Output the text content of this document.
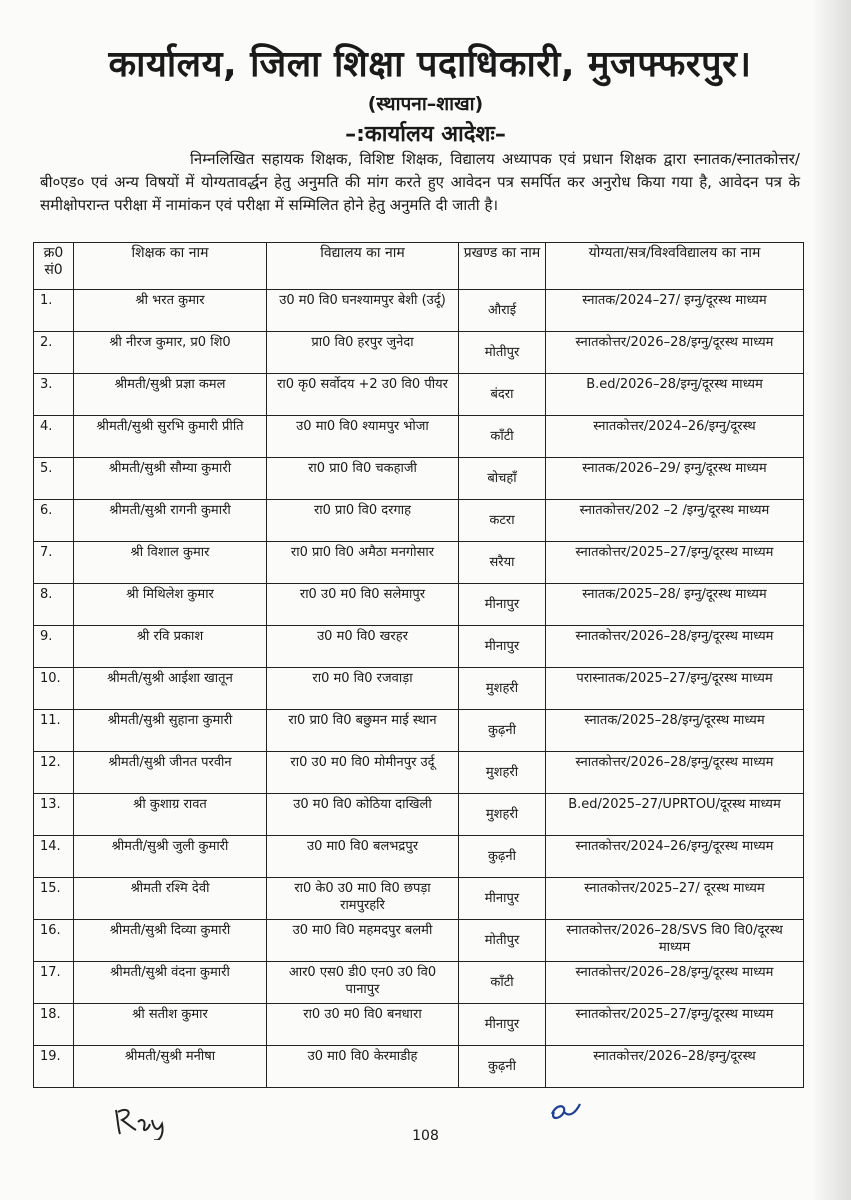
कार्यालय, जिला शिक्षा पदाधिकारी, मुजफ्फरपुर।
(स्थापना–शाखा)
–:कार्यालय आदेशः–
निम्नलिखित सहायक शिक्षक, विशिष्ट शिक्षक, विद्यालय अध्यापक एवं प्रधान शिक्षक द्वारा स्नातक/स्नातकोत्तर/ बी०एड० एवं अन्य विषयों में योग्यतावर्द्धन हेतु अनुमति की मांग करते हुए आवेदन पत्र समर्पित कर अनुरोध किया गया है, आवेदन पत्र के समीक्षोपरान्त परीक्षा में नामांकन एवं परीक्षा में सम्मिलित होने हेतु अनुमति दी जाती है।
क्र0 सं0	शिक्षक का नाम	विद्यालय का नाम	प्रखण्ड का नाम	योग्यता/सत्र/विश्वविद्यालय का नाम
1.	श्री भरत कुमार	उ0 म0 वि0 घनश्यामपुर बेशी (उर्दू)	औराई	स्नातक/2024–27/ इग्नु/दूरस्थ माध्यम
2.	श्री नीरज कुमार, प्र0 शि0	प्रा0 वि0 हरपुर जुनेदा	मोतीपुर	स्नातकोत्तर/2026–28/इग्नु/दूरस्थ माध्यम
3.	श्रीमती/सुश्री प्रज्ञा कमल	रा0 कृ0 सर्वोदय +2 उ0 वि0 पीयर	बंदरा	B.ed/2026–28/इग्नु/दूरस्थ माध्यम
4.	श्रीमती/सुश्री सुरभि कुमारी प्रीति	उ0 मा0 वि0 श्यामपुर भोजा	काँटी	स्नातकोत्तर/2024–26/इग्नु/दूरस्थ
5.	श्रीमती/सुश्री सौम्या कुमारी	रा0 प्रा0 वि0 चकहाजी	बोचहाँ	स्नातक/2026–29/ इग्नु/दूरस्थ माध्यम
6.	श्रीमती/सुश्री रागनी कुमारी	रा0 प्रा0 वि0 दरगाह	कटरा	स्नातकोत्तर/202 –2 /इग्नु/दूरस्थ माध्यम
7.	श्री विशाल कुमार	रा0 प्रा0 वि0 अमैठा मनगोसार	सरैया	स्नातकोत्तर/2025–27/इग्नु/दूरस्थ माध्यम
8.	श्री मिथिलेश कुमार	रा0 उ0 म0 वि0 सलेमापुर	मीनापुर	स्नातक/2025–28/ इग्नु/दूरस्थ माध्यम
9.	श्री रवि प्रकाश	उ0 म0 वि0 खरहर	मीनापुर	स्नातकोत्तर/2026–28/इग्नु/दूरस्थ माध्यम
10.	श्रीमती/सुश्री आईशा खातून	रा0 म0 वि0 रजवाड़ा	मुशहरी	परास्नातक/2025–27/इग्नु/दूरस्थ माध्यम
11.	श्रीमती/सुश्री सुहाना कुमारी	रा0 प्रा0 वि0 बछुमन माई स्थान	कुढ़नी	स्नातक/2025–28/इग्नु/दूरस्थ माध्यम
12.	श्रीमती/सुश्री जीनत परवीन	रा0 उ0 म0 वि0 मोमीनपुर उर्दू	मुशहरी	स्नातकोत्तर/2026–28/इग्नु/दूरस्थ माध्यम
13.	श्री कुशाग्र रावत	उ0 म0 वि0 कोठिया दाखिली	मुशहरी	B.ed/2025–27/UPRTOU/दूरस्थ माध्यम
14.	श्रीमती/सुश्री जुली कुमारी	उ0 मा0 वि0 बलभद्रपुर	कुढ़नी	स्नातकोत्तर/2024–26/इग्नु/दूरस्थ माध्यम
15.	श्रीमती रश्मि देवी	रा0 के0 उ0 मा0 वि0 छपड़ा रामपुरहरि	मीनापुर	स्नातकोत्तर/2025–27/ दूरस्थ माध्यम
16.	श्रीमती/सुश्री दिव्या कुमारी	उ0 मा0 वि0 महमदपुर बलमी	मोतीपुर	स्नातकोत्तर/2026–28/SVS वि0 वि0/दूरस्थ माध्यम
17.	श्रीमती/सुश्री वंदना कुमारी	आर0 एस0 डी0 एन0 उ0 वि0 पानापुर	काँटी	स्नातकोत्तर/2026–28/इग्नु/दूरस्थ माध्यम
18.	श्री सतीश कुमार	रा0 उ0 म0 वि0 बनधारा	मीनापुर	स्नातकोत्तर/2025–27/इग्नु/दूरस्थ माध्यम
19.	श्रीमती/सुश्री मनीषा	उ0 मा0 वि0 केरमाडीह	कुढ़नी	स्नातकोत्तर/2026–28/इग्नु/दूरस्थ
108
